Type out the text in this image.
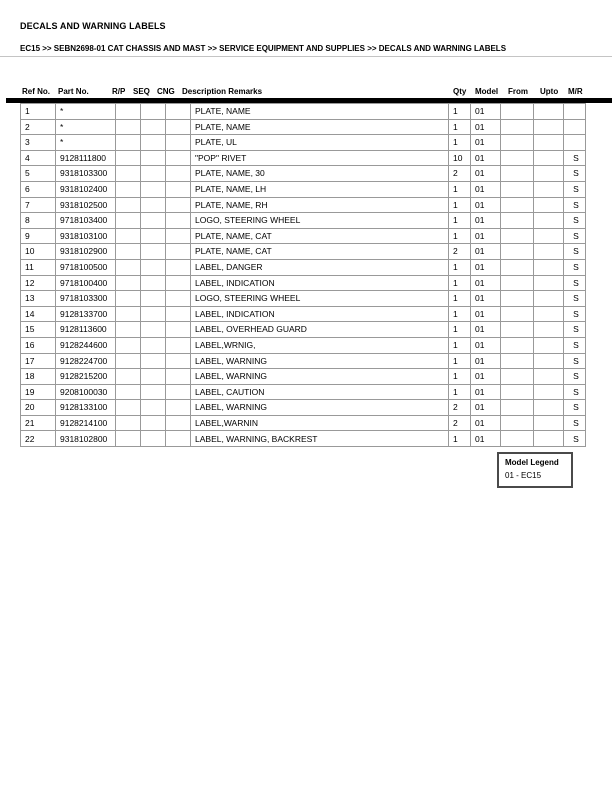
DECALS AND WARNING LABELS
EC15 >> SEBN2698-01 CAT CHASSIS AND MAST >> SERVICE EQUIPMENT AND SUPPLIES >> DECALS AND WARNING LABELS
Ref No. Part No.	R/P SEQ CNG Description Remarks	Qty Model From Upto M/R
1	*				PLATE, NAME	1	01			
2	*				PLATE, NAME	1	01			
3	*				PLATE, UL	1	01			
4	9128111800				"POP" RIVET	10	01			S
5	9318103300				PLATE, NAME, 30	2	01			S
6	9318102400				PLATE, NAME, LH	1	01			S
7	9318102500				PLATE, NAME, RH	1	01			S
8	9718103400				LOGO, STEERING WHEEL	1	01			S
9	9318103100				PLATE, NAME, CAT	1	01			S
10	9318102900				PLATE, NAME, CAT	2	01			S
11	9718100500				LABEL, DANGER	1	01			S
12	9718100400				LABEL, INDICATION	1	01			S
13	9718103300				LOGO, STEERING WHEEL	1	01			S
14	9128133700				LABEL, INDICATION	1	01			S
15	9128113600				LABEL, OVERHEAD GUARD	1	01			S
16	9128244600				LABEL,WRNIG,	1	01			S
17	9128224700				LABEL, WARNING	1	01			S
18	9128215200				LABEL, WARNING	1	01			S
19	9208100030				LABEL, CAUTION	1	01			S
20	9128133100				LABEL, WARNING	2	01			S
21	9128214100				LABEL,WARNIN	2	01			S
22	9318102800				LABEL, WARNING, BACKREST	1	01			S
Model Legend
01 - EC15
